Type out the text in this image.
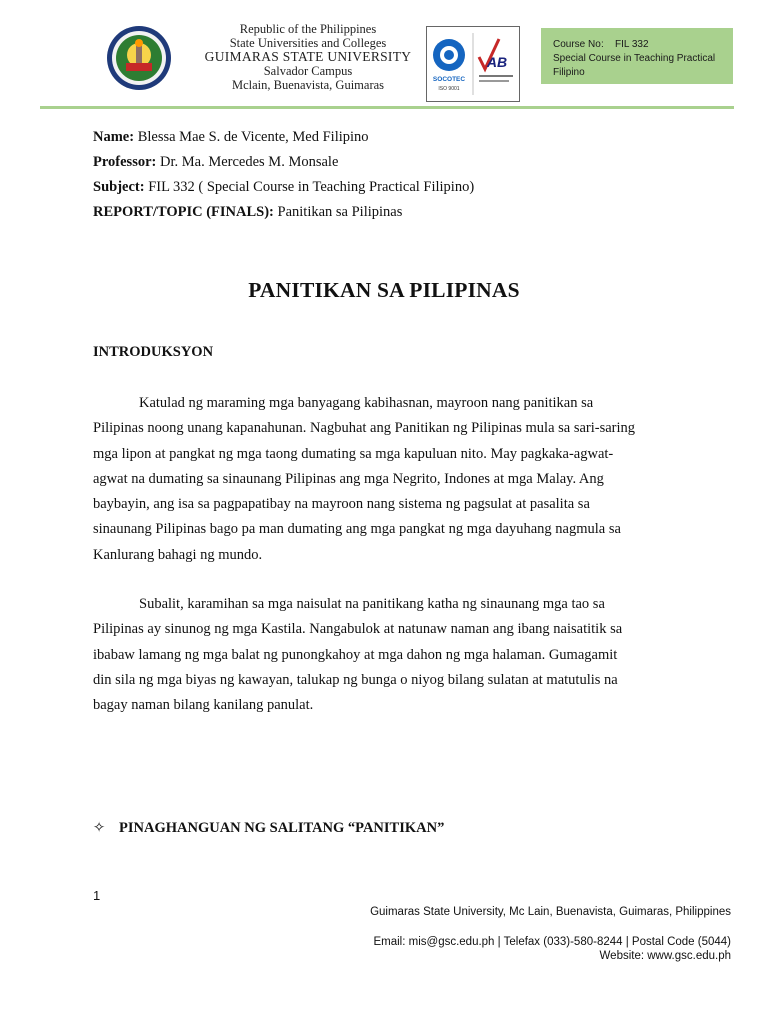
Republic of the Philippines
State Universities and Colleges
GUIMARAS STATE UNIVERSITY
Salvador Campus
Mclain, Buenavista, Guimaras	SOCOTEC
ISO 9001
AB
Course No: FIL 332
Special Course in Teaching Practical
Filipino
Name: Blessa Mae S. de Vicente, Med Filipino
Professor: Dr. Ma. Mercedes M. Monsale
Subject: FIL 332 ( Special Course in Teaching Practical Filipino)
REPORT/TOPIC (FINALS): Panitikan sa Pilipinas
PANITIKAN SA PILIPINAS
INTRODUKSYON
Katulad ng maraming mga banyagang kabihasnan, mayroon nang panitikan sa
Pilipinas noong unang kapanahunan. Nagbuhat ang Panitikan ng Pilipinas mula sa sari-saring
mga lipon at pangkat ng mga taong dumating sa mga kapuluan nito. May pagkaka-agwat-
agwat na dumating sa sinaunang Pilipinas ang mga Negrito, Indones at mga Malay. Ang
baybayin, ang isa sa pagpapatibay na mayroon nang sistema ng pagsulat at pasalita sa
sinaunang Pilipinas bago pa man dumating ang mga pangkat ng mga dayuhang nagmula sa
Kanlurang bahagi ng mundo.
Subalit, karamihan sa mga naisulat na panitikang katha ng sinaunang mga tao sa
Pilipinas ay sinunog ng mga Kastila. Nangabulok at natunaw naman ang ibang naisatitik sa
ibabaw lamang ng mga balat ng punongkahoy at mga dahon ng mga halaman. Gumagamit
din sila ng mga biyas ng kawayan, talukap ng bunga o niyog bilang sulatan at matutulis na
bagay naman bilang kanilang panulat.
✧ PINAGHANGUAN NG SALITANG “PANITIKAN”
1
Guimaras State University, Mc Lain, Buenavista, Guimaras, Philippines
Email: mis@gsc.edu.ph | Telefax (033)-580-8244 | Postal Code (5044)
Website: www.gsc.edu.ph
